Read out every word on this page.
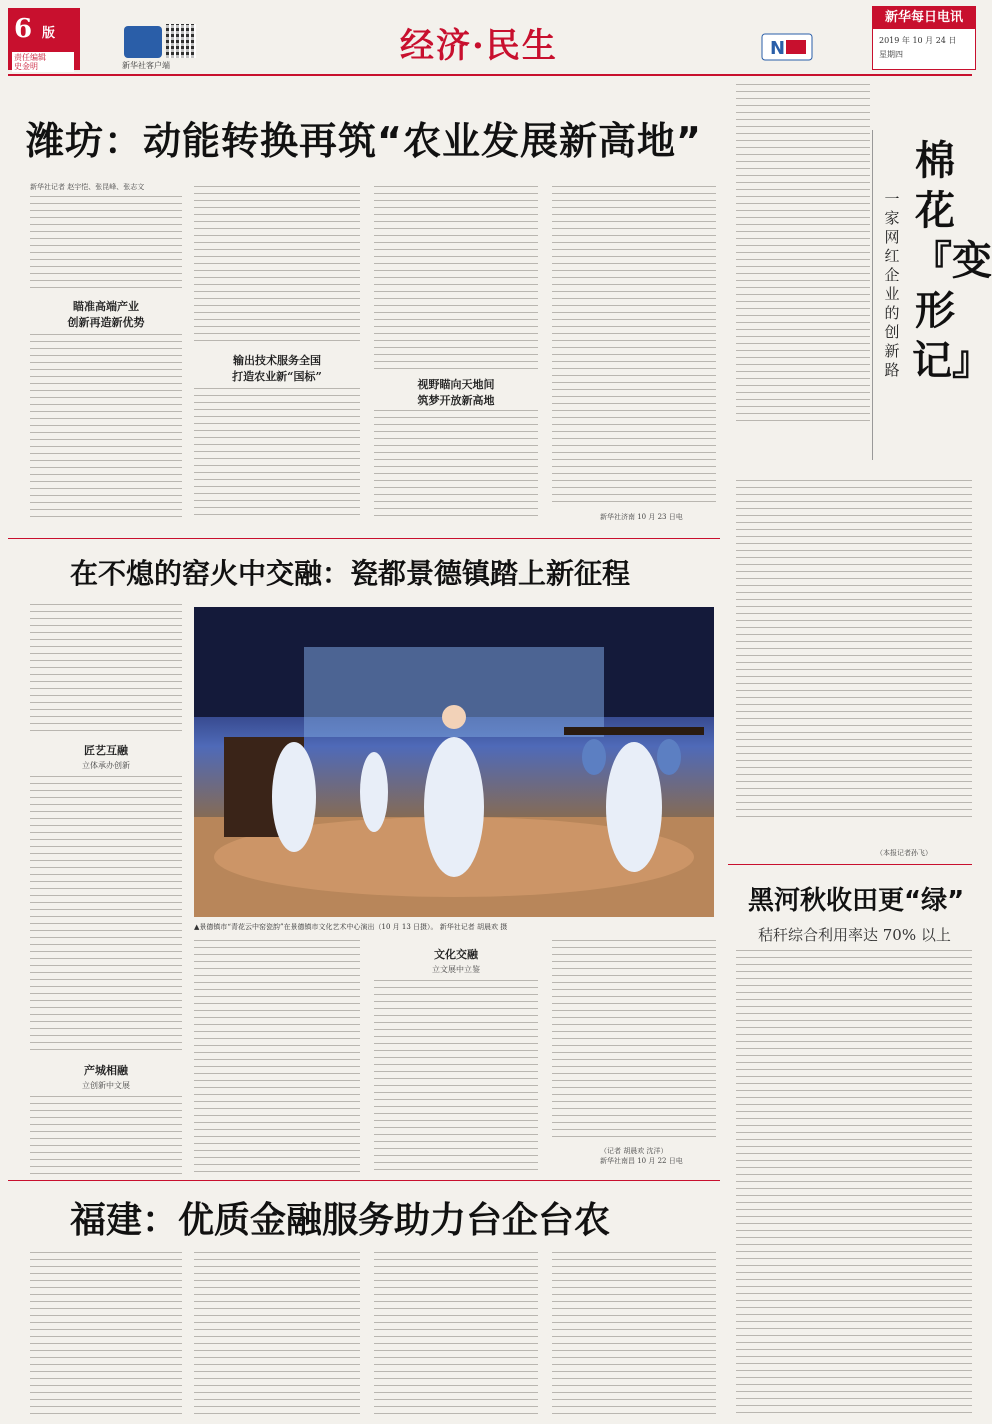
6 版
责任编辑
史金明	新华社客户端	经济·民生	N
新华每日电讯
2019 年 10 月 24 日
星期四
潍坊：动能转换再筑“农业发展新高地”
新华社记者 赵宇恺、张昆峰、张志文
瞄准高端产业
创新再造新优势
输出技术服务全国
打造农业新“国标”
视野瞄向天地间
筑梦开放新高地
新华社济南 10 月 23 日电
棉花『变形记』
一家网红企业的创新路
（本报记者孙飞）
黑河秋收田更“绿”
秸秆综合利用率达 70% 以上
在不熄的窑火中交融：瓷都景德镇踏上新征程
匠艺互融
立体承办创新
产城相融
立创新中文展
▲景德镇市“青花云中窑瓷韵”在景德镇市文化艺术中心演出（10 月 13 日摄）。 新华社记者 胡晨欢 摄
文化交融
立文展中立鉴
（记者 胡晨欢 沈洋）
新华社南昌 10 月 22 日电
福建：优质金融服务助力台企台农
